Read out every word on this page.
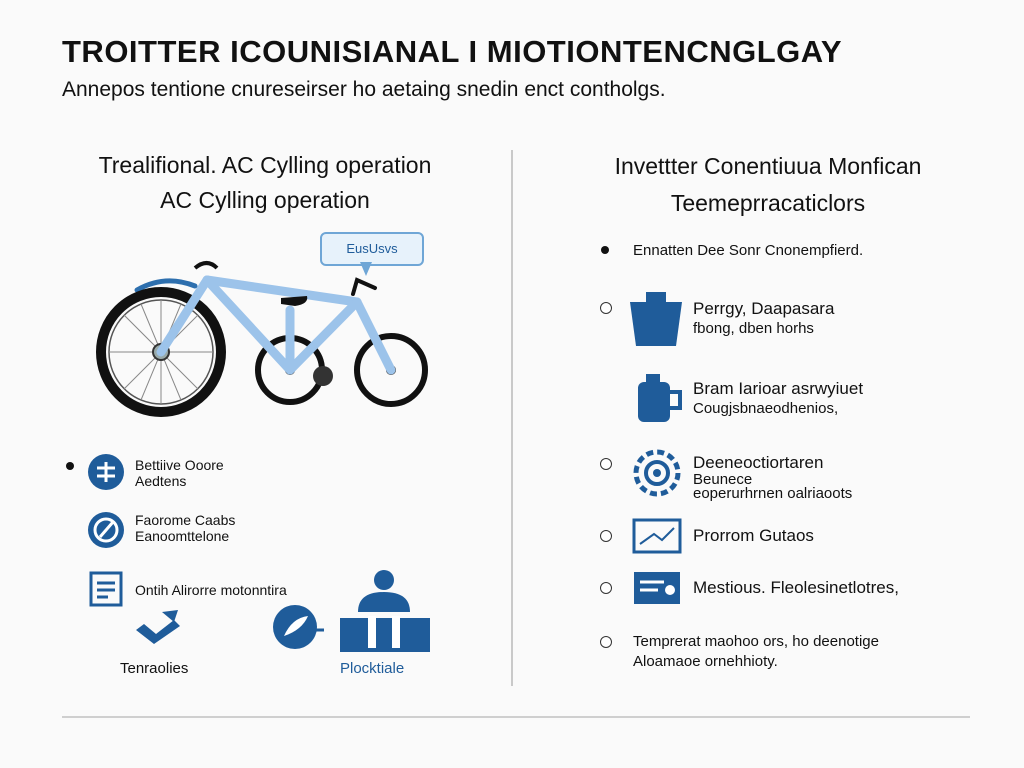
TROITTER ICOUNISIANAL I MIOTIONTENCNGLGAY
Annepos tentione cnureseirser ho aetaing snedin enct contholgs.
Trealifional. AC Cylling operation
AC Cylling operation
EusUsvs
Bettiive Ooore
Aedtens
Faorome Caabs
Eanoomttelone
Ontih Alirorre motonntira
Tenraolies	Plocktiale
Invettter Conentiuua Monfican
Teemeprracaticlors
Ennatten Dee Sonr Cnonempfierd.
Perrgy, Daapasara
fbong, dben horhs
Bram Iarioar asrwyiuet
Cougjsbnaeodhenios,
Deeneoctiortaren
Beunece
eoperurhrnen oalriaoots
Prorrom Gutaos
Mestious. Fleolesinetlotres,
Temprerat maohoo ors, ho deenotige
Aloamaoe ornehhioty.
